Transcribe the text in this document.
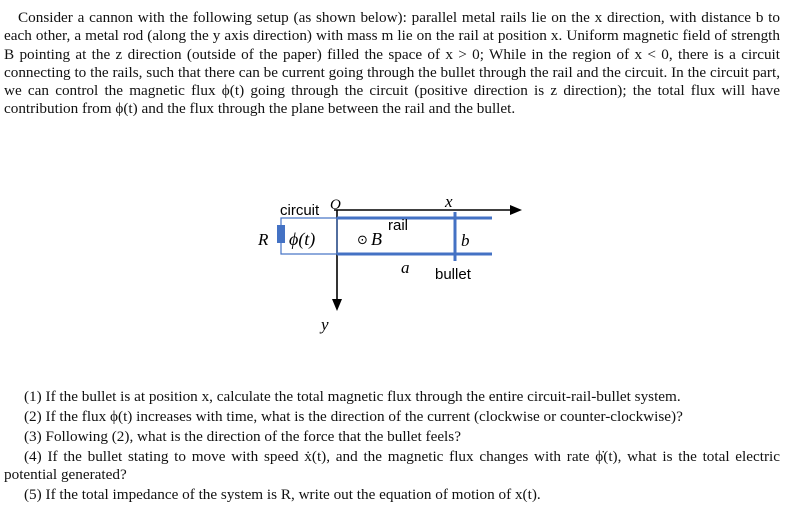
Consider a cannon with the following setup (as shown below): parallel metal rails lie on the x direction, with distance b to each other, a metal rod (along the y axis direction) with mass m lie on the rail at position x. Uniform magnetic field of strength B pointing at the z direction (outside of the paper) filled the space of x > 0; While in the region of x < 0, there is a circuit connecting to the rails, such that there can be current going through the bullet through the rail and the circuit. In the circuit part, we can control the magnetic flux ϕ(t) going through the circuit (positive direction is z direction); the total flux will have contribution from ϕ(t) and the flux through the plane between the rail and the bullet.
circuit O	x
y
R ϕ(t)	⊙ B
rail
b
a bullet
(1) If the bullet is at position x, calculate the total magnetic flux through the entire circuit-rail-bullet system.
(2) If the flux ϕ(t) increases with time, what is the direction of the current (clockwise or counter-clockwise)?
(3) Following (2), what is the direction of the force that the bullet feels?
(4) If the bullet stating to move with speed ẋ(t), and the magnetic flux changes with rate ϕ̇(t), what is the total electric potential generated?
(5) If the total impedance of the system is R, write out the equation of motion of x(t).
